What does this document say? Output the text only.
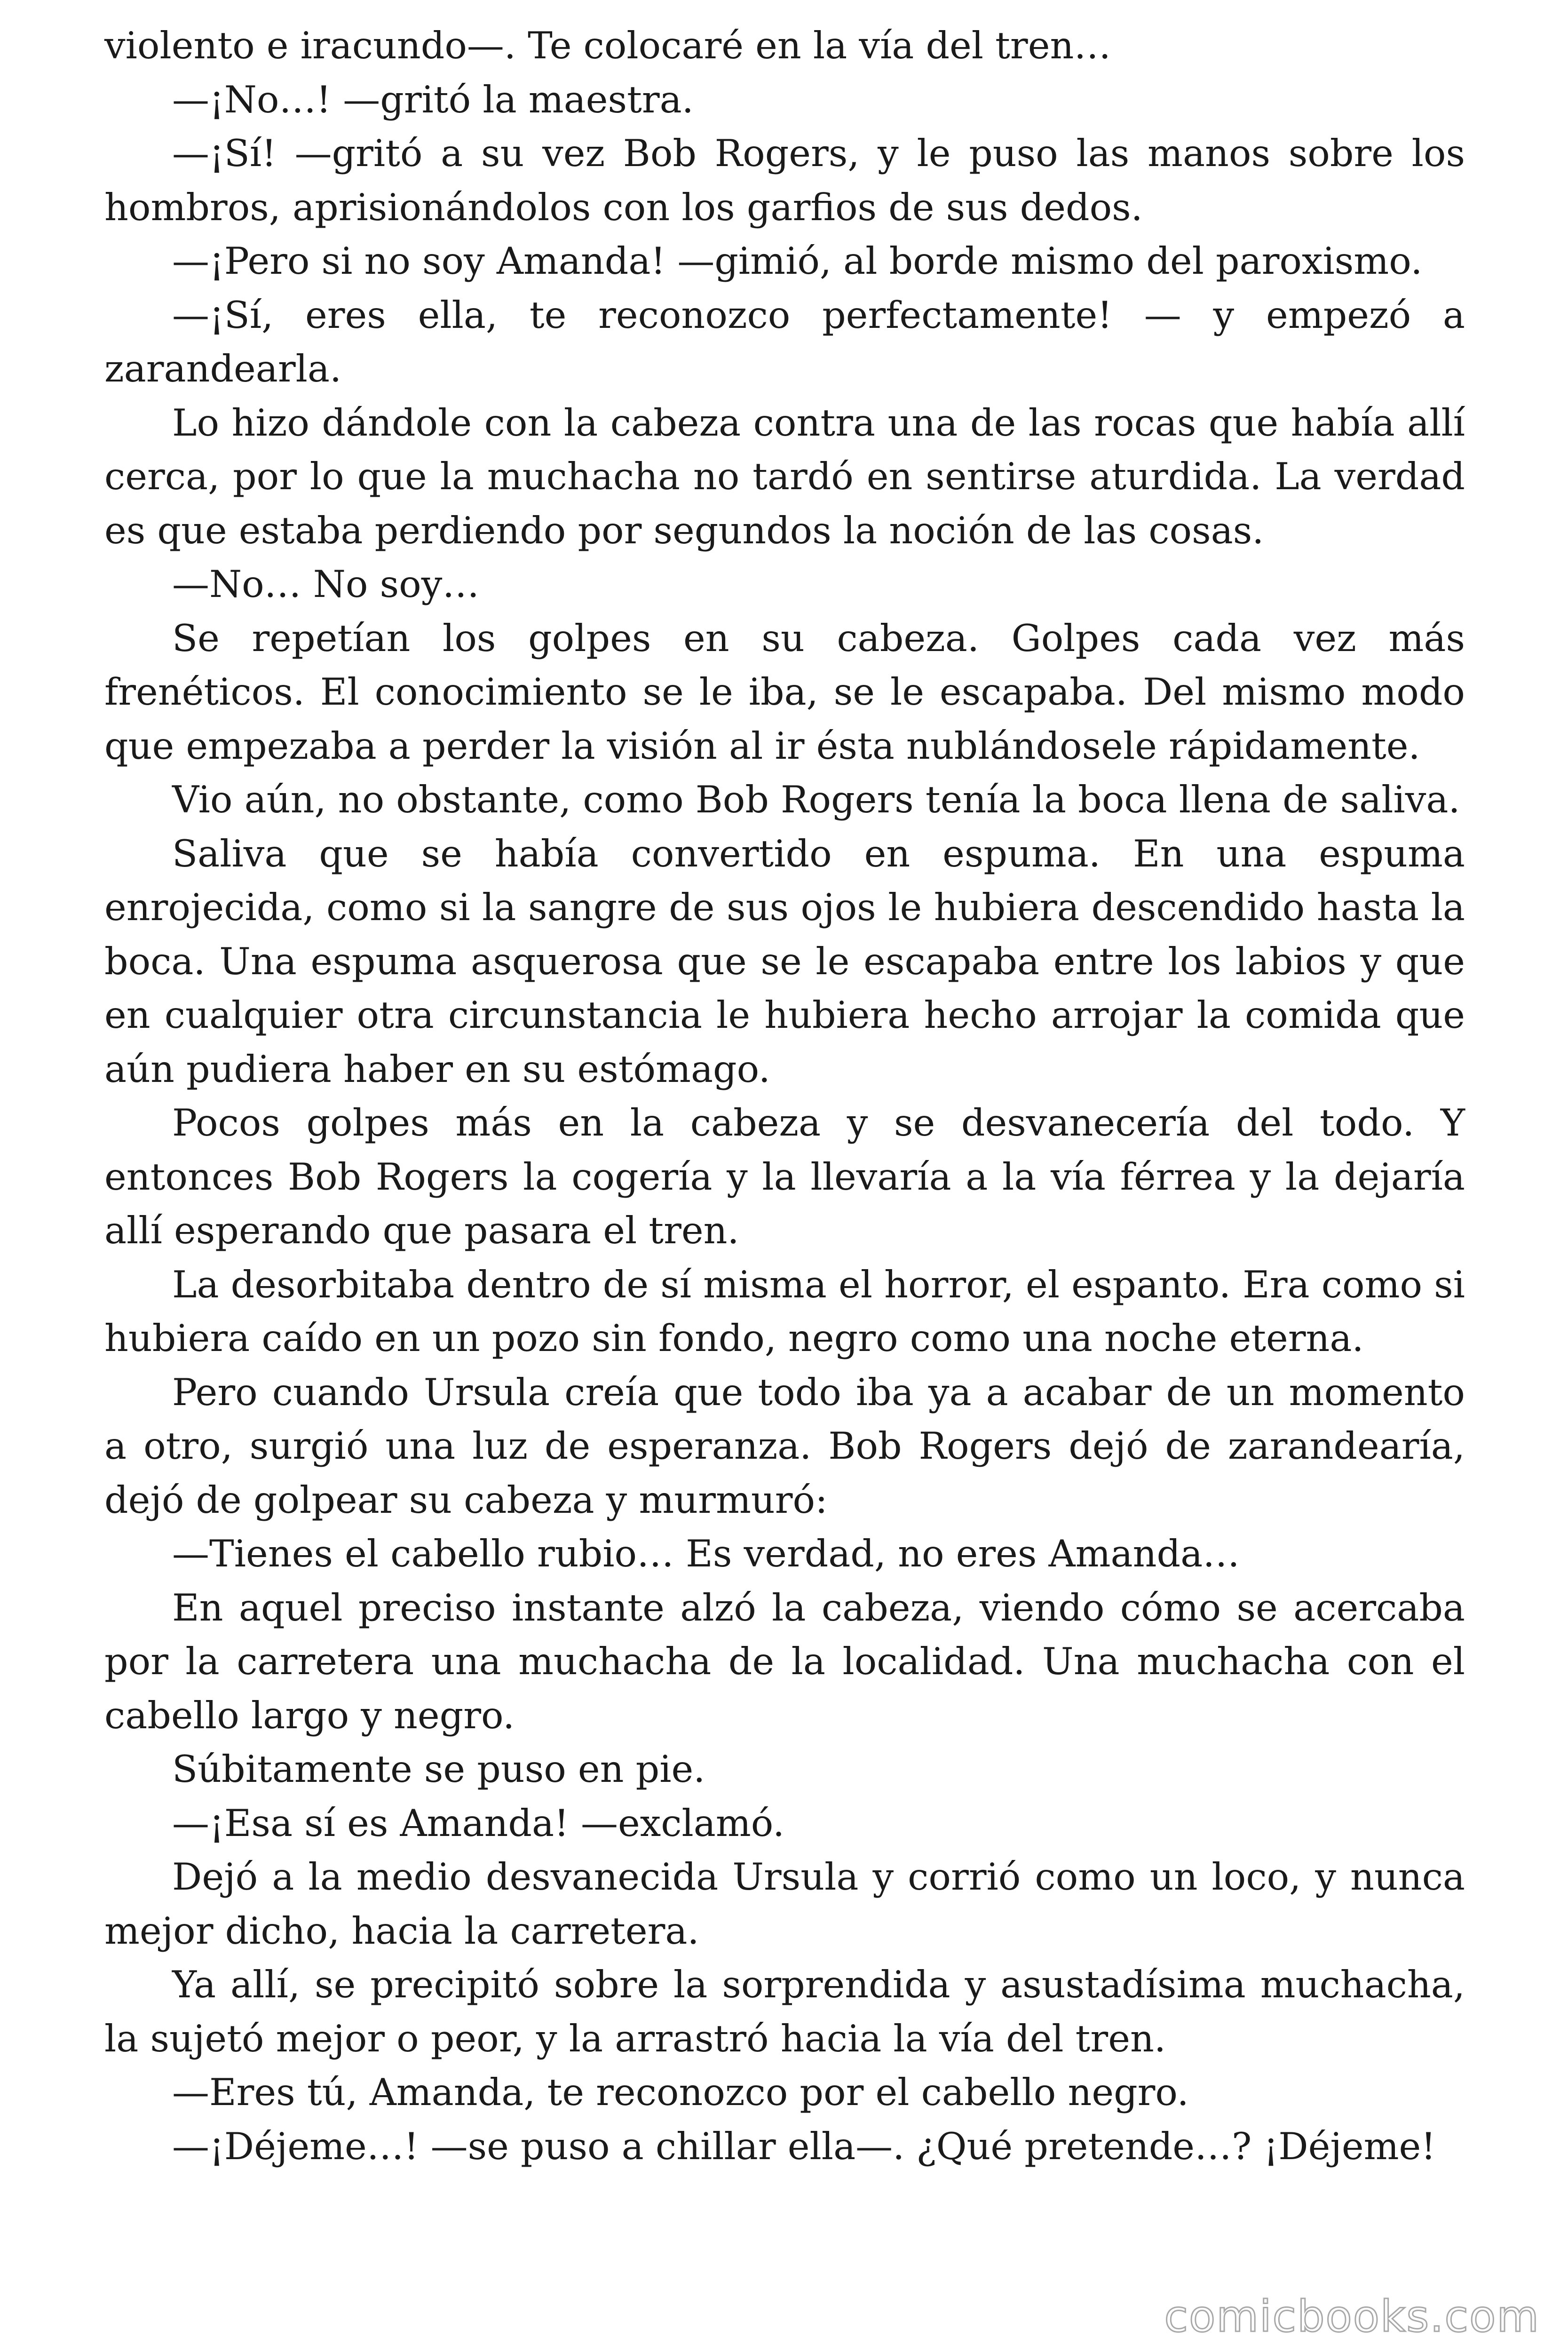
violento e iracundo—. Te colocaré en la vía del tren…

—¡No…! —gritó la maestra.

—¡Sí! —gritó a su vez Bob Rogers, y le puso las manos sobre los hombros, aprisionándolos con los garfios de sus dedos.

—¡Pero si no soy Amanda! —gimió, al borde mismo del paroxismo.

—¡Sí, eres ella, te reconozco perfectamente! — y empezó a zarandearla.

Lo hizo dándole con la cabeza contra una de las rocas que había allí cerca, por lo que la muchacha no tardó en sentirse aturdida. La verdad es que estaba perdiendo por segundos la noción de las cosas.

—No… No soy…

Se repetían los golpes en su cabeza. Golpes cada vez más frenéticos. El conocimiento se le iba, se le escapaba. Del mismo modo que empezaba a perder la visión al ir ésta nublándosele rápidamente.

Vio aún, no obstante, como Bob Rogers tenía la boca llena de saliva.

Saliva que se había convertido en espuma. En una espuma enrojecida, como si la sangre de sus ojos le hubiera descendido hasta la boca. Una espuma asquerosa que se le escapaba entre los labios y que en cualquier otra circunstancia le hubiera hecho arrojar la comida que aún pudiera haber en su estómago.

Pocos golpes más en la cabeza y se desvanecería del todo. Y entonces Bob Rogers la cogería y la llevaría a la vía férrea y la dejaría allí esperando que pasara el tren.

La desorbitaba dentro de sí misma el horror, el espanto. Era como si hubiera caído en un pozo sin fondo, negro como una noche eterna.

Pero cuando Ursula creía que todo iba ya a acabar de un momento a otro, surgió una luz de esperanza. Bob Rogers dejó de zarandearía, dejó de golpear su cabeza y murmuró:

—Tienes el cabello rubio… Es verdad, no eres Amanda…

En aquel preciso instante alzó la cabeza, viendo cómo se acercaba por la carretera una muchacha de la localidad. Una muchacha con el cabello largo y negro.

Súbitamente se puso en pie.

—¡Esa sí es Amanda! —exclamó.

Dejó a la medio desvanecida Ursula y corrió como un loco, y nunca mejor dicho, hacia la carretera.

Ya allí, se precipitó sobre la sorprendida y asustadísima muchacha, la sujetó mejor o peor, y la arrastró hacia la vía del tren.

—Eres tú, Amanda, te reconozco por el cabello negro.

—¡Déjeme…! —se puso a chillar ella—. ¿Qué pretende…? ¡Déjeme!

comicbooks.com
